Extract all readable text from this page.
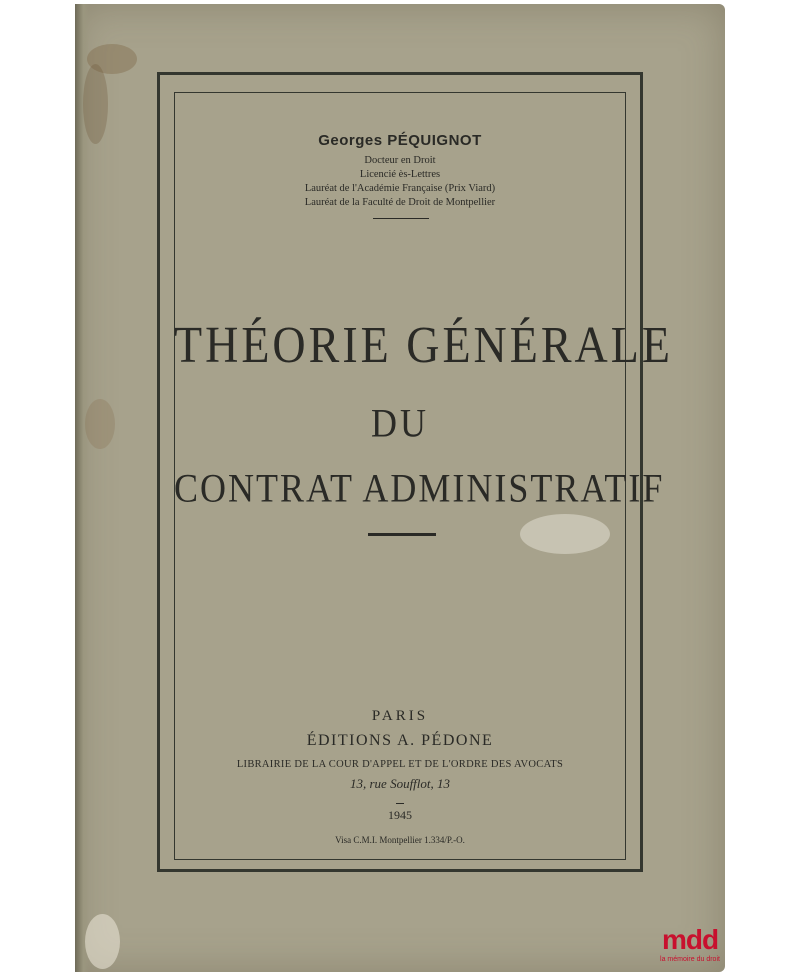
Georges PÉQUIGNOT
Docteur en Droit
Licencié ès-Lettres
Lauréat de l'Académie Française (Prix Viard)
Lauréat de la Faculté de Droit de Montpellier
THÉORIE GÉNÉRALE
DU
CONTRAT ADMINISTRATIF
PARIS
ÉDITIONS A. PÉDONE
LIBRAIRIE DE LA COUR D'APPEL ET DE L'ORDRE DES AVOCATS
13, rue Soufflot, 13
1945
Visa C.M.I. Montpellier 1.334/P.-O.
mdd
la mémoire du droit
